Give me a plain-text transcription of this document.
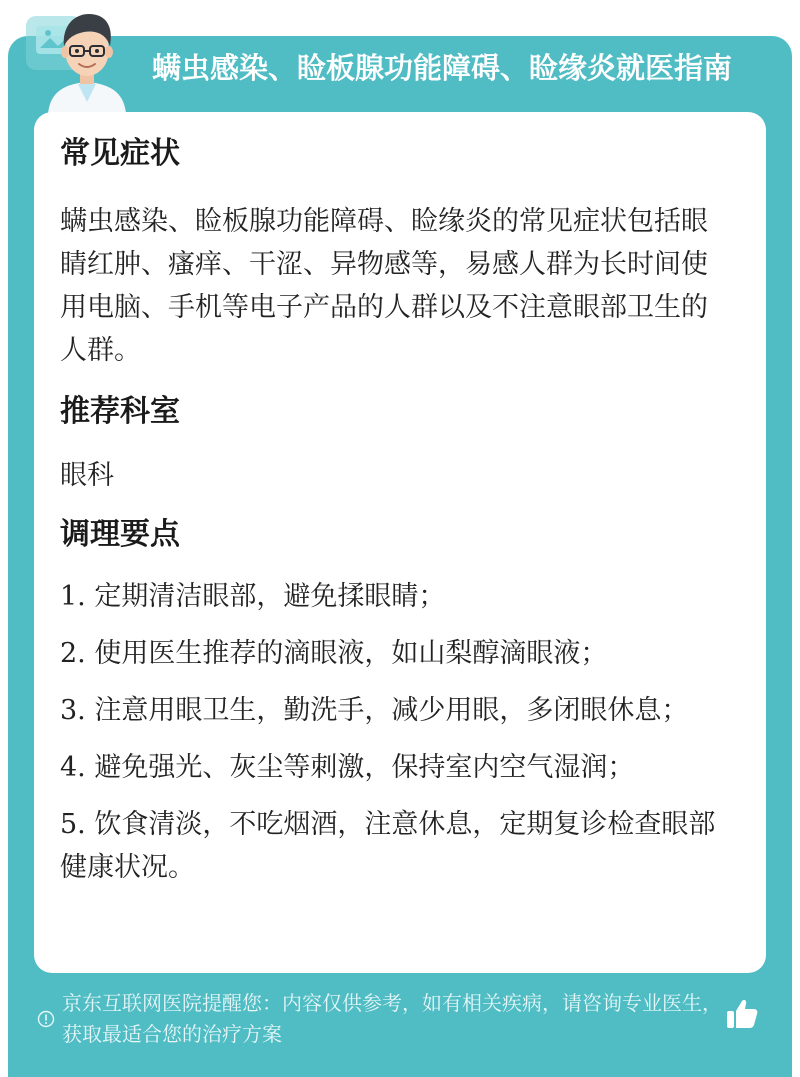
螨虫感染、睑板腺功能障碍、睑缘炎就医指南
常见症状

螨虫感染、睑板腺功能障碍、睑缘炎的常见症状包括眼睛红肿、瘙痒、干涩、异物感等，易感人群为长时间使用电脑、手机等电子产品的人群以及不注意眼部卫生的人群。

推荐科室

眼科

调理要点
1. 定期清洁眼部，避免揉眼睛；
2. 使用医生推荐的滴眼液，如山梨醇滴眼液；
3. 注意用眼卫生，勤洗手，减少用眼，多闭眼休息；
4. 避免强光、灰尘等刺激，保持室内空气湿润；
5. 饮食清淡，不吃烟酒，注意休息，定期复诊检查眼部健康状况。
京东互联网医院提醒您：内容仅供参考，如有相关疾病，请咨询专业医生，获取最适合您的治疗方案
